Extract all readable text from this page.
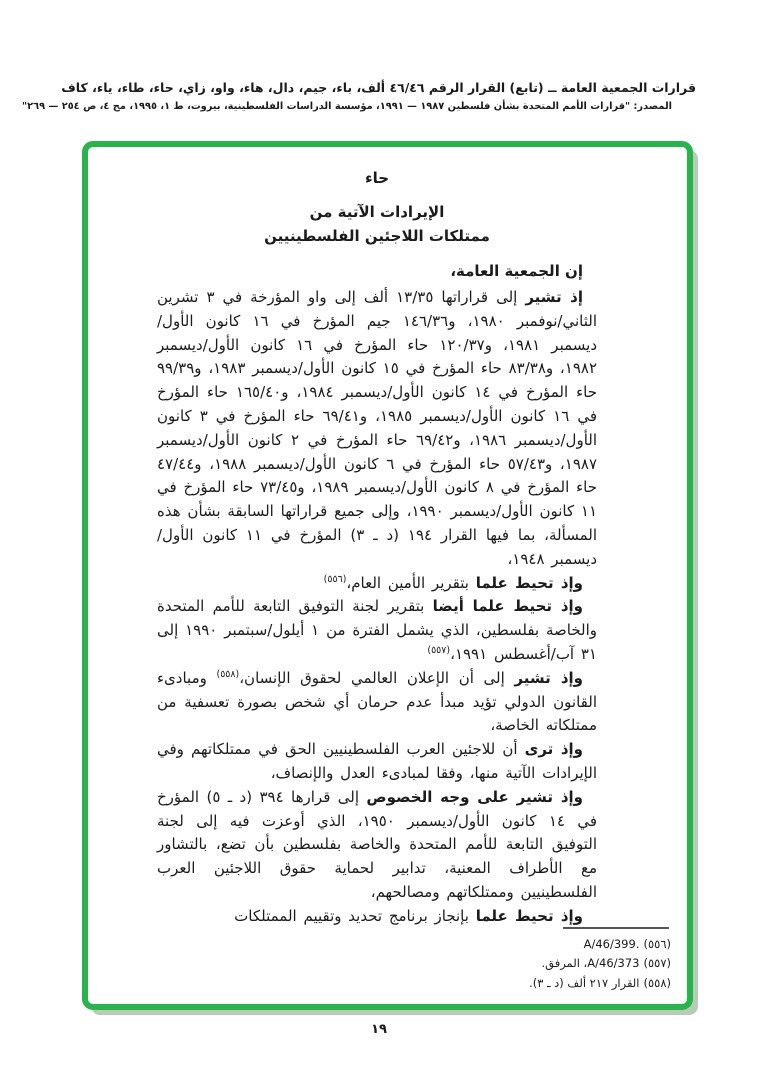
قرارات الجمعية العامة ــ (تابع) القرار الرقم ٤٦/٤٦ ألف، باء، جيم، دال، هاء، واو، زاي، حاء، طاء، ياء، كاف
المصدر: "قرارات الأمم المتحدة بشأن فلسطين ١٩٨٧ — ١٩٩١، مؤسسة الدراسات الفلسطينية، بيروت، ط ١، ١٩٩٥، مج ٤، ص ٢٥٤ — ٢٦٩"

حاء

الإيرادات الآتية من

ممتلكات اللاجئين الفلسطينيين

إن الجمعية العامة،

إذ تشير إلى قراراتها ١٣/٣٥ ألف إلى واو المؤرخة في ٣ تشرين الثاني/نوفمبر ١٩٨٠، و١٤٦/٣٦ جيم المؤرخ في ١٦ كانون الأول/ديسمبر ١٩٨١، و١٢٠/٣٧ حاء المؤرخ في ١٦ كانون الأول/ديسمبر ١٩٨٢، و٨٣/٣٨ حاء المؤرخ في ١٥ كانون الأول/ديسمبر ١٩٨٣، و٩٩/٣٩ حاء المؤرخ في ١٤ كانون الأول/ديسمبر ١٩٨٤، و١٦٥/٤٠ حاء المؤرخ في ١٦ كانون الأول/ديسمبر ١٩٨٥، و٦٩/٤١ حاء المؤرخ في ٣ كانون الأول/ديسمبر ١٩٨٦، و٦٩/٤٢ حاء المؤرخ في ٢ كانون الأول/ديسمبر ١٩٨٧، و٥٧/٤٣ حاء المؤرخ في ٦ كانون الأول/ديسمبر ١٩٨٨، و٤٧/٤٤ حاء المؤرخ في ٨ كانون الأول/ديسمبر ١٩٨٩، و٧٣/٤٥ حاء المؤرخ في ١١ كانون الأول/ديسمبر ١٩٩٠، وإلى جميع قراراتها السابقة بشأن هذه المسألة، بما فيها القرار ١٩٤ (د ـ ٣) المؤرخ في ١١ كانون الأول/ديسمبر ١٩٤٨،

وإذ تحيط علما بتقرير الأمين العام،$^{(٥٥٦)}$

وإذ تحيط علما أيضا بتقرير لجنة التوفيق التابعة للأمم المتحدة والخاصة بفلسطين، الذي يشمل الفترة من ١ أيلول/سبتمبر ١٩٩٠ إلى ٣١ آب/أغسطس ١٩٩١،$^{(٥٥٧)}$

وإذ تشير إلى أن الإعلان العالمي لحقوق الإنسان،$^{(٥٥٨)}$ ومبادىء القانون الدولي تؤيد مبدأ عدم حرمان أي شخص بصورة تعسفية من ممتلكاته الخاصة،

وإذ ترى أن للاجئين العرب الفلسطينيين الحق في ممتلكاتهم وفي الإيرادات الآتية منها، وفقا لمبادىء العدل والإنصاف،

وإذ تشير على وجه الخصوص إلى قرارها ٣٩٤ (د ـ ٥) المؤرخ في ١٤ كانون الأول/ديسمبر ١٩٥٠، الذي أوعزت فيه إلى لجنة التوفيق التابعة للأمم المتحدة والخاصة بفلسطين بأن تضع، بالتشاور مع الأطراف المعنية، تدابير لحماية حقوق اللاجئين العرب الفلسطينيين وممتلكاتهم ومصالحهم،

وإذ تحيط علما بإنجاز برنامج تحديد وتقييم الممتلكات

(٥٥٦)A/46/399.
(٥٥٧)A/46/373، المرفق.
(٥٥٨)القرار ٢١٧ ألف (د ـ ٣).
١٩
